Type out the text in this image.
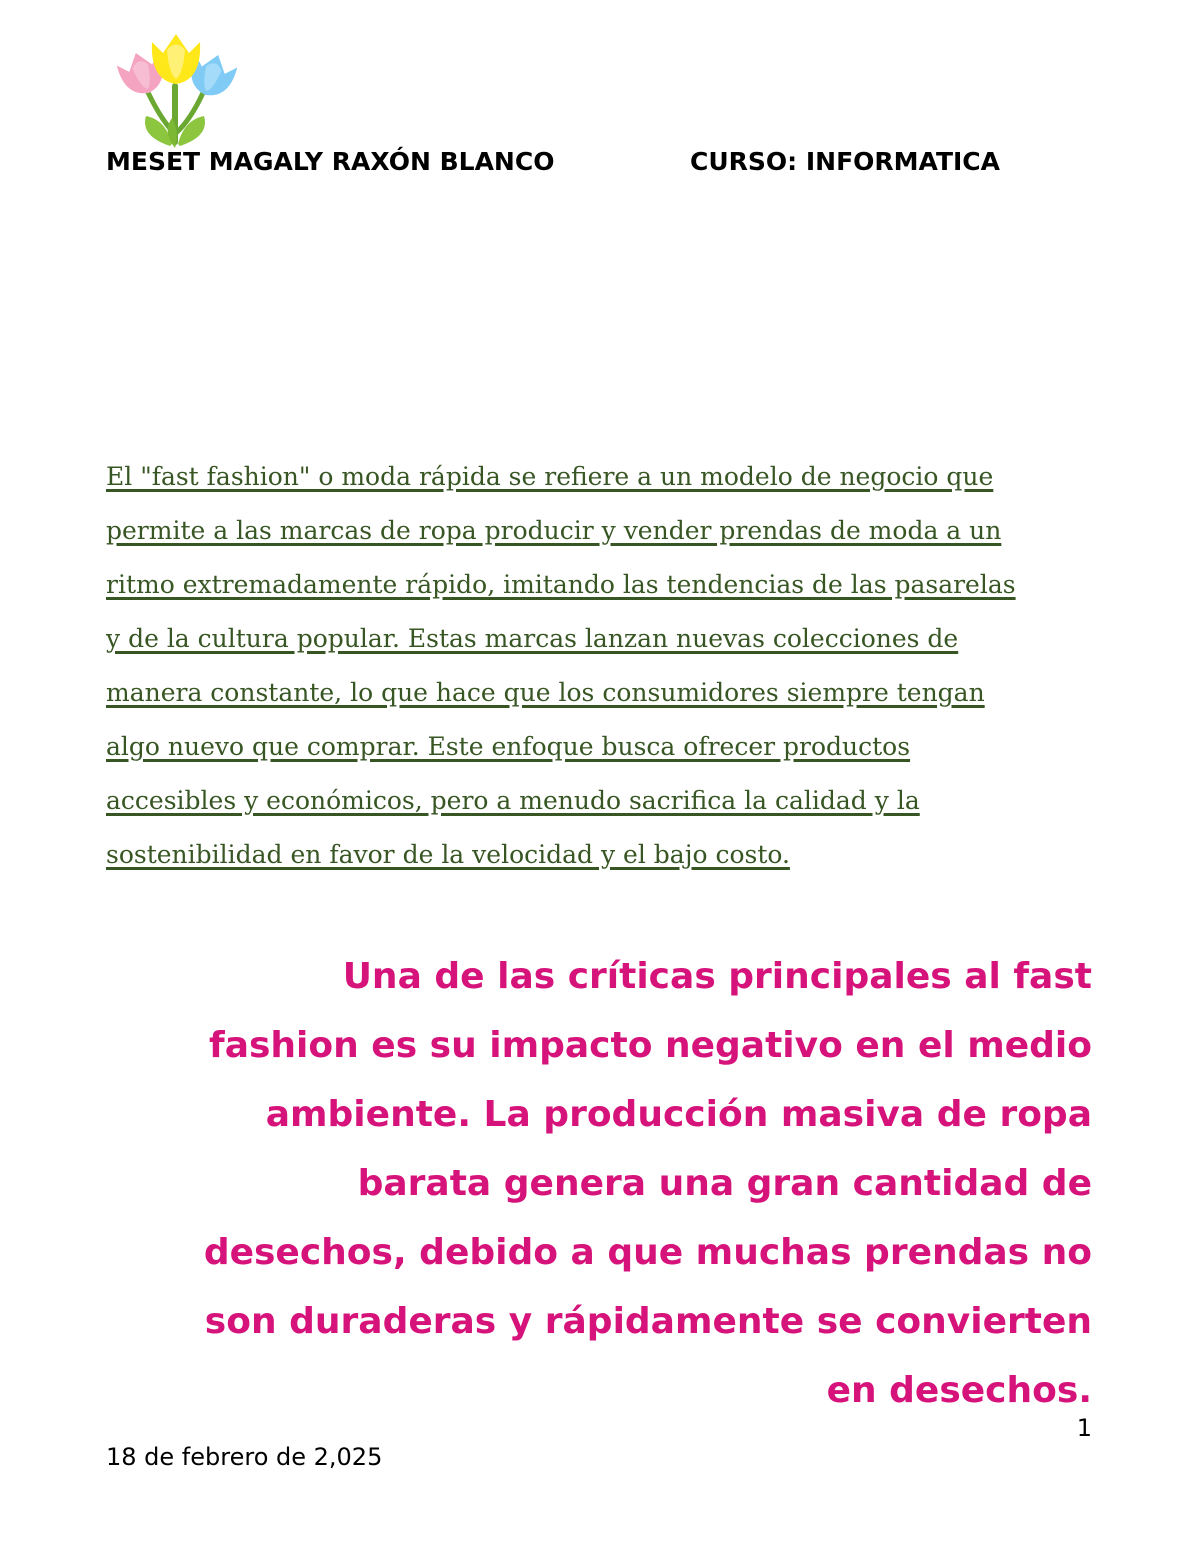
MESET MAGALY RAXÓN BLANCO	CURSO: INFORMATICA
El "fast fashion" o moda rápida se refiere a un modelo de negocio que
permite a las marcas de ropa producir y vender prendas de moda a un
ritmo extremadamente rápido, imitando las tendencias de las pasarelas
y de la cultura popular. Estas marcas lanzan nuevas colecciones de
manera constante, lo que hace que los consumidores siempre tengan
algo nuevo que comprar. Este enfoque busca ofrecer productos
accesibles y económicos, pero a menudo sacrifica la calidad y la
sostenibilidad en favor de la velocidad y el bajo costo.
Una de las críticas principales al fast
fashion es su impacto negativo en el medio
ambiente. La producción masiva de ropa
barata genera una gran cantidad de
desechos, debido a que muchas prendas no
son duraderas y rápidamente se convierten
en desechos.
1
18 de febrero de 2,025
